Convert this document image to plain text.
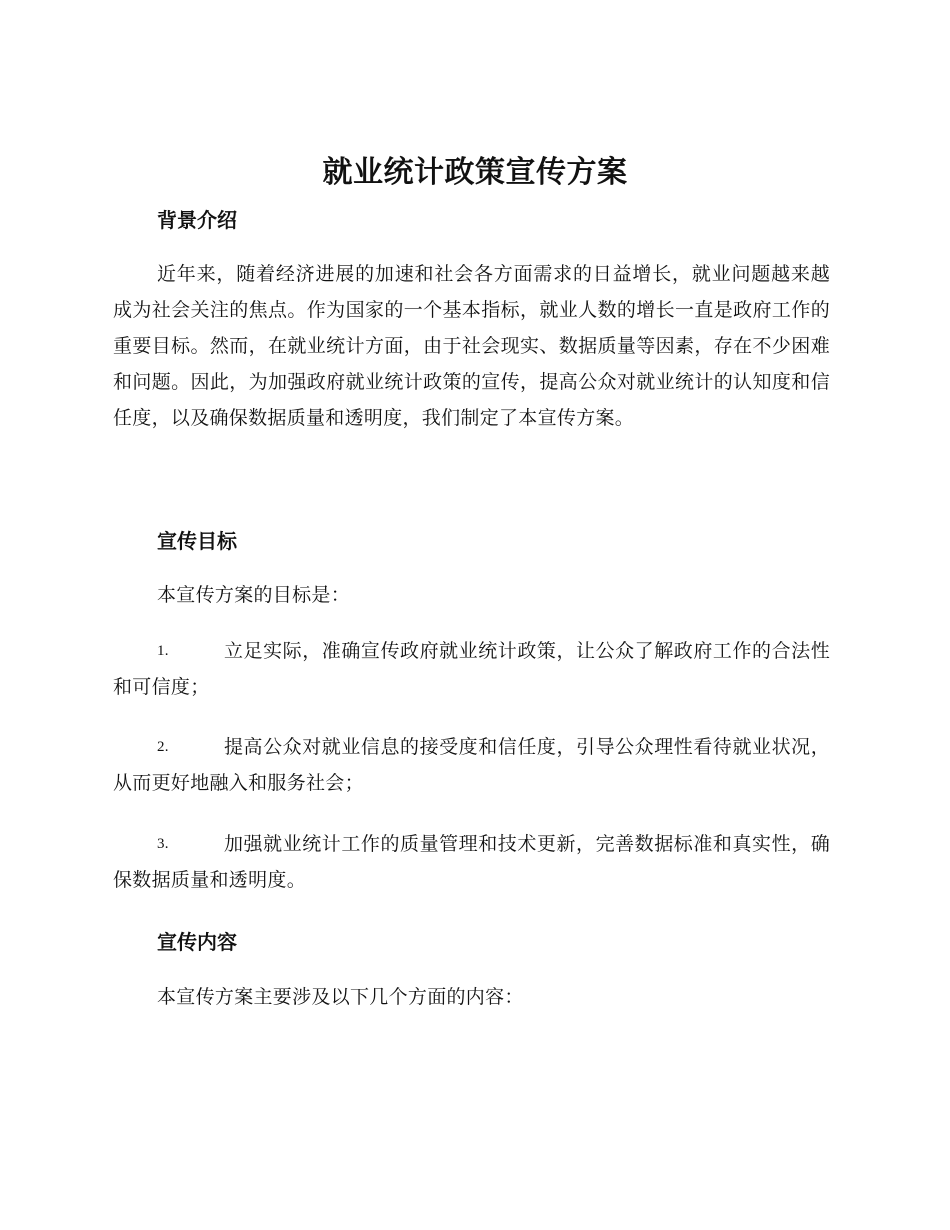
就业统计政策宣传方案
背景介绍
近年来，随着经济进展的加速和社会各方面需求的日益增长，就业问题越来越成为社会关注的焦点。作为国家的一个基本指标，就业人数的增长一直是政府工作的重要目标。然而，在就业统计方面，由于社会现实、数据质量等因素，存在不少困难和问题。因此，为加强政府就业统计政策的宣传，提高公众对就业统计的认知度和信任度，以及确保数据质量和透明度，我们制定了本宣传方案。
宣传目标
本宣传方案的目标是：
1.	立足实际，准确宣传政府就业统计政策，让公众了解政府工作的合法性和可信度；
2.	提高公众对就业信息的接受度和信任度，引导公众理性看待就业状况，从而更好地融入和服务社会；
3.	加强就业统计工作的质量管理和技术更新，完善数据标准和真实性，确保数据质量和透明度。
宣传内容
本宣传方案主要涉及以下几个方面的内容：
